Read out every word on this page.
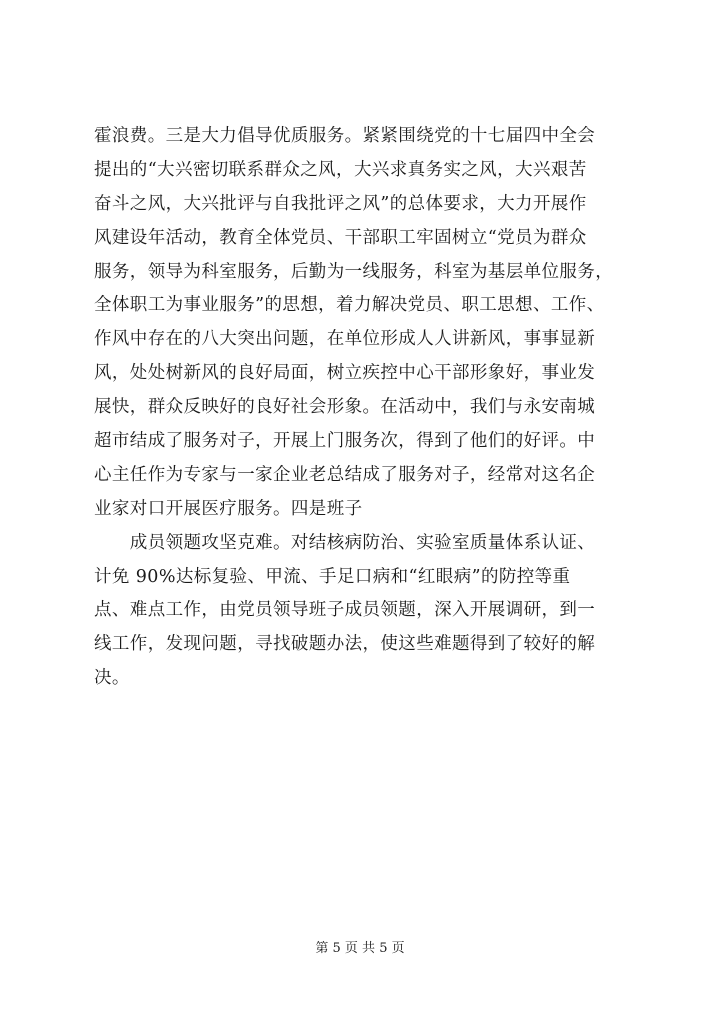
霍浪费。三是大力倡导优质服务。紧紧围绕党的十七届四中全会
提出的“大兴密切联系群众之风，大兴求真务实之风，大兴艰苦
奋斗之风，大兴批评与自我批评之风”的总体要求，大力开展作
风建设年活动，教育全体党员、干部职工牢固树立“党员为群众
服务，领导为科室服务，后勤为一线服务，科室为基层单位服务，
全体职工为事业服务”的思想，着力解决党员、职工思想、工作、
作风中存在的八大突出问题，在单位形成人人讲新风，事事显新
风，处处树新风的良好局面，树立疾控中心干部形象好，事业发
展快，群众反映好的良好社会形象。在活动中，我们与永安南城
超市结成了服务对子，开展上门服务次，得到了他们的好评。中
心主任作为专家与一家企业老总结成了服务对子，经常对这名企
业家对口开展医疗服务。四是班子
　　成员领题攻坚克难。对结核病防治、实验室质量体系认证、
计免 90%达标复验、甲流、手足口病和“红眼病”的防控等重
点、难点工作，由党员领导班子成员领题，深入开展调研，到一
线工作，发现问题，寻找破题办法，使这些难题得到了较好的解
决。
第 5 页 共 5 页
